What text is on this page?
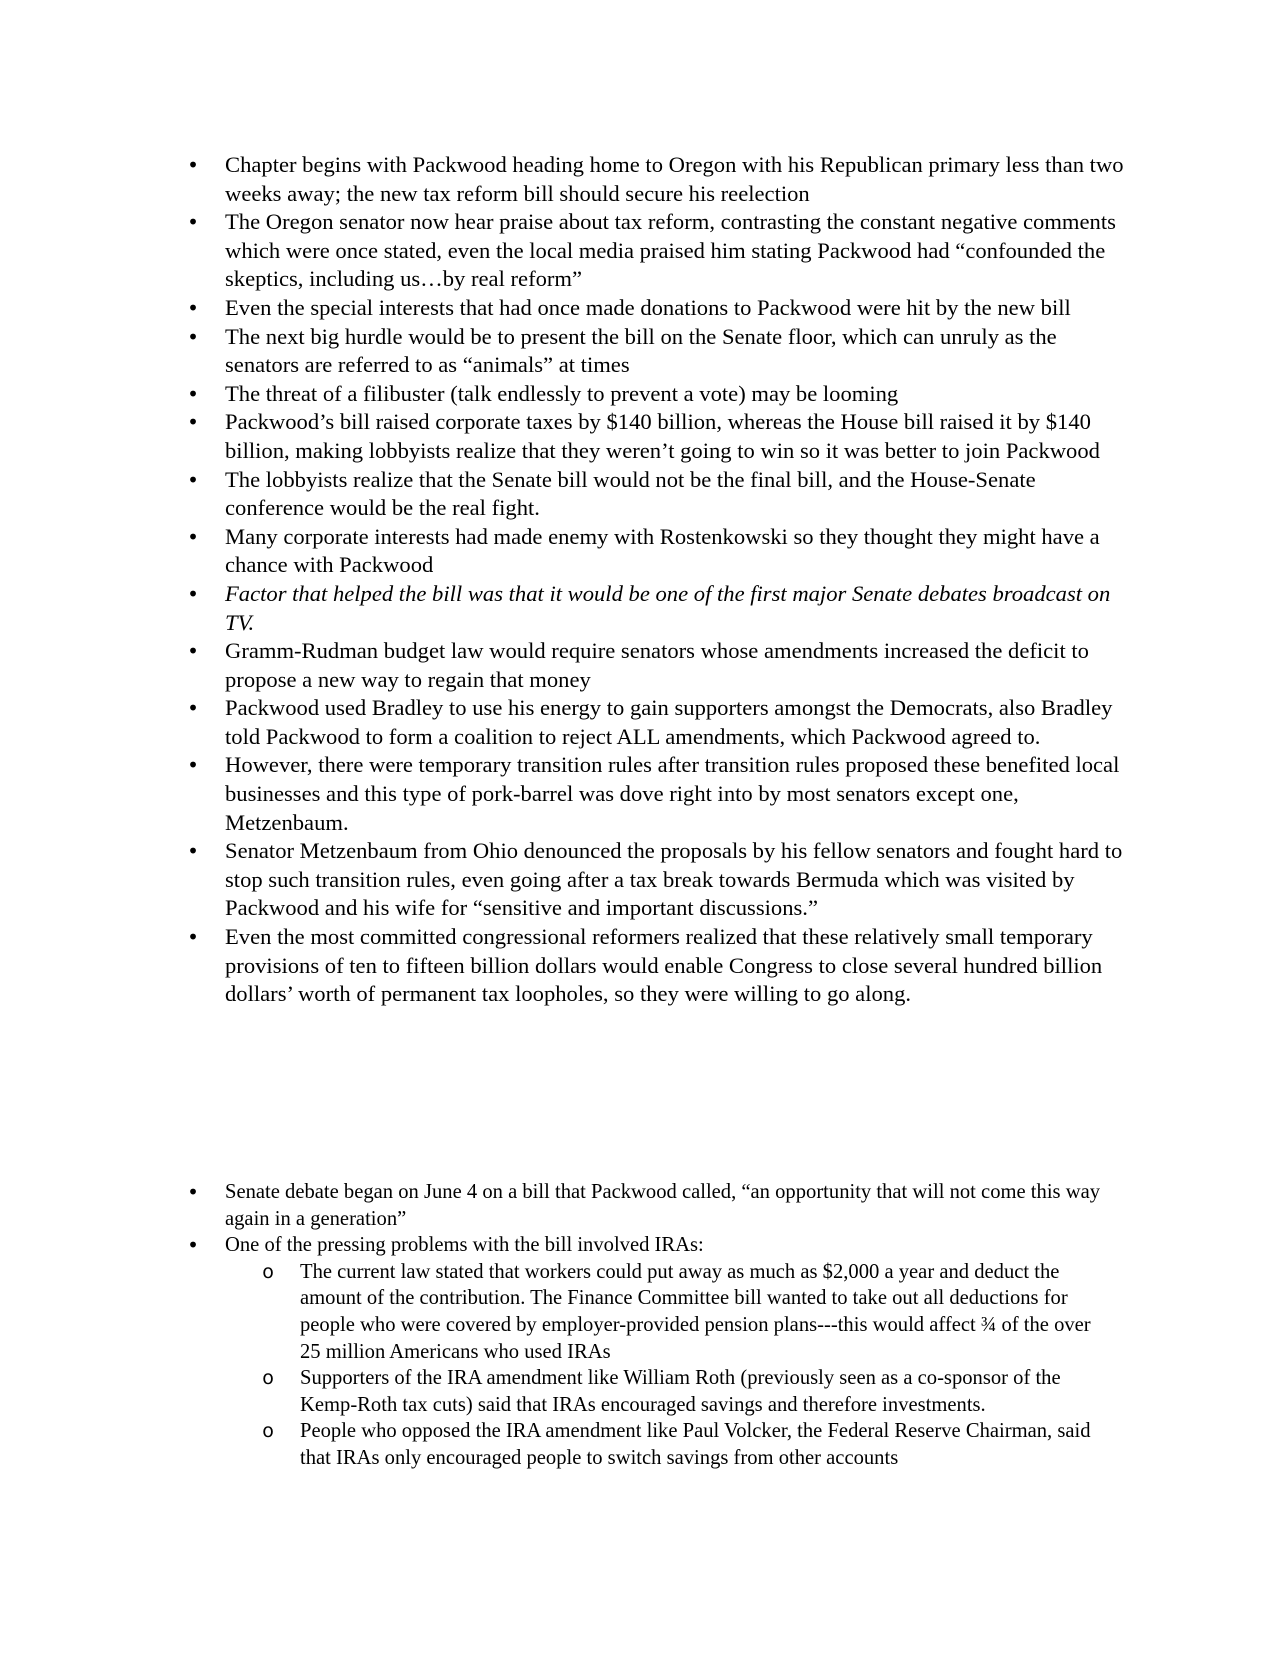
• Chapter begins with Packwood heading home to Oregon with his Republican primary less than two weeks away; the new tax reform bill should secure his reelection
• The Oregon senator now hear praise about tax reform, contrasting the constant negative comments which were once stated, even the local media praised him stating Packwood had “confounded the skeptics, including us…by real reform”
• Even the special interests that had once made donations to Packwood were hit by the new bill
• The next big hurdle would be to present the bill on the Senate floor, which can unruly as the senators are referred to as “animals” at times
• The threat of a filibuster (talk endlessly to prevent a vote) may be looming
• Packwood’s bill raised corporate taxes by $140 billion, whereas the House bill raised it by $140 billion, making lobbyists realize that they weren’t going to win so it was better to join Packwood
• The lobbyists realize that the Senate bill would not be the final bill, and the House-Senate conference would be the real fight.
• Many corporate interests had made enemy with Rostenkowski so they thought they might have a chance with Packwood
• Factor that helped the bill was that it would be one of the first major Senate debates broadcast on TV.
• Gramm-Rudman budget law would require senators whose amendments increased the deficit to propose a new way to regain that money
• Packwood used Bradley to use his energy to gain supporters amongst the Democrats, also Bradley told Packwood to form a coalition to reject ALL amendments, which Packwood agreed to.
• However, there were temporary transition rules after transition rules proposed these benefited local businesses and this type of pork-barrel was dove right into by most senators except one, Metzenbaum.
• Senator Metzenbaum from Ohio denounced the proposals by his fellow senators and fought hard to stop such transition rules, even going after a tax break towards Bermuda which was visited by Packwood and his wife for “sensitive and important discussions.”
• Even the most committed congressional reformers realized that these relatively small temporary provisions of ten to fifteen billion dollars would enable Congress to close several hundred billion dollars’ worth of permanent tax loopholes, so they were willing to go along.
• Senate debate began on June 4 on a bill that Packwood called, “an opportunity that will not come this way again in a generation”
• One of the pressing problems with the bill involved IRAs:
o The current law stated that workers could put away as much as $2,000 a year and deduct the amount of the contribution. The Finance Committee bill wanted to take out all deductions for people who were covered by employer-provided pension plans---this would affect ¾ of the over 25 million Americans who used IRAs
o Supporters of the IRA amendment like William Roth (previously seen as a co-sponsor of the Kemp-Roth tax cuts) said that IRAs encouraged savings and therefore investments.
o People who opposed the IRA amendment like Paul Volcker, the Federal Reserve Chairman, said that IRAs only encouraged people to switch savings from other accounts
